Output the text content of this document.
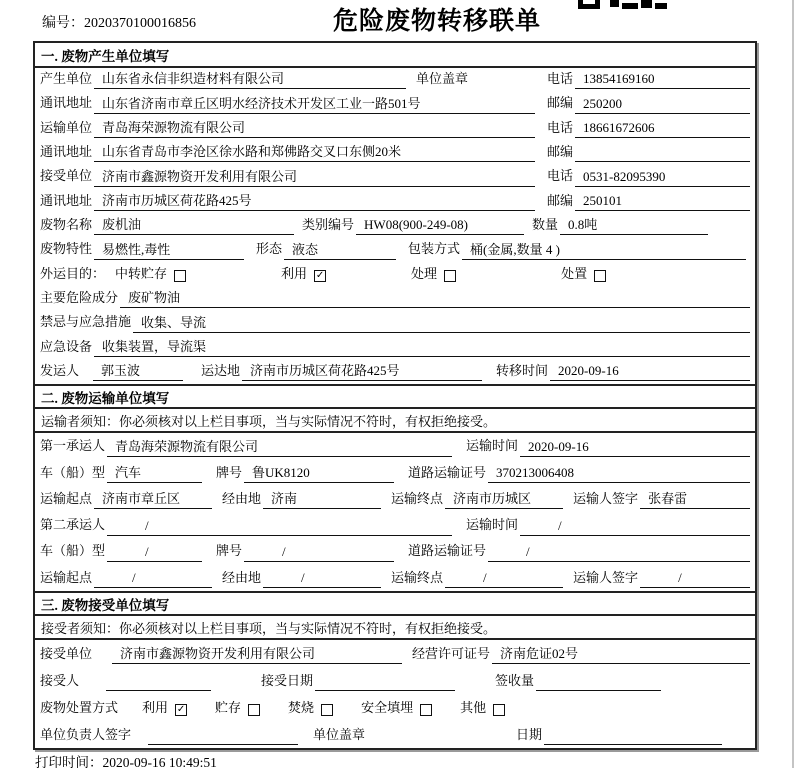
编号：2020370100016856	危险废物转移联单
一. 废物产生单位填写
产生单位 山东省永信非织造材料有限公司	单位盖章	电话 13854169160
通讯地址 山东省济南市章丘区明水经济技术开发区工业一路501号	邮编 250200
运输单位 青岛海荣源物流有限公司	电话 18661672606
通讯地址 山东省青岛市李沧区徐水路和郑佛路交叉口东侧20米	邮编
接受单位 济南市鑫源物资开发利用有限公司	电话 0531-82095390
通讯地址 济南市历城区荷花路425号	邮编 250101
废物名称 废机油	类别编号 HW08(900-249-08)	数量 0.8吨
废物特性 易燃性,毒性	形态 液态	包装方式 桶(金属,数量 4 )
外运目的： 中转贮存	利用 ✓	处理	处置
主要危险成分 废矿物油
禁忌与应急措施 收集、导流
应急设备 收集装置，导流渠
发运人	郭玉波	运达地 济南市历城区荷花路425号	转移时间 2020-09-16
二. 废物运输单位填写
运输者须知：你必须核对以上栏目事项，当与实际情况不符时，有权拒绝接受。
第一承运人 青岛海荣源物流有限公司	运输时间 2020-09-16
车（船）型 汽车	牌号 鲁UK8120	道路运输证号 370213006408
运输起点 济南市章丘区	经由地 济南	运输终点 济南市历城区	运输人签字 张春雷
第二承运人	/	运输时间	/
车（船）型	/	牌号	/	道路运输证号	/
运输起点	/	经由地	/	运输终点	/	运输人签字	/
三. 废物接受单位填写
接受者须知：你必须核对以上栏目事项，当与实际情况不符时，有权拒绝接受。
接受单位	济南市鑫源物资开发利用有限公司	经营许可证号 济南危证02号
接受人	接受日期	签收量
废物处置方式 利用 ✓ 贮存	焚烧	安全填埋	其他
单位负责人签字	单位盖章	日期
打印时间：2020-09-16 10:49:51
